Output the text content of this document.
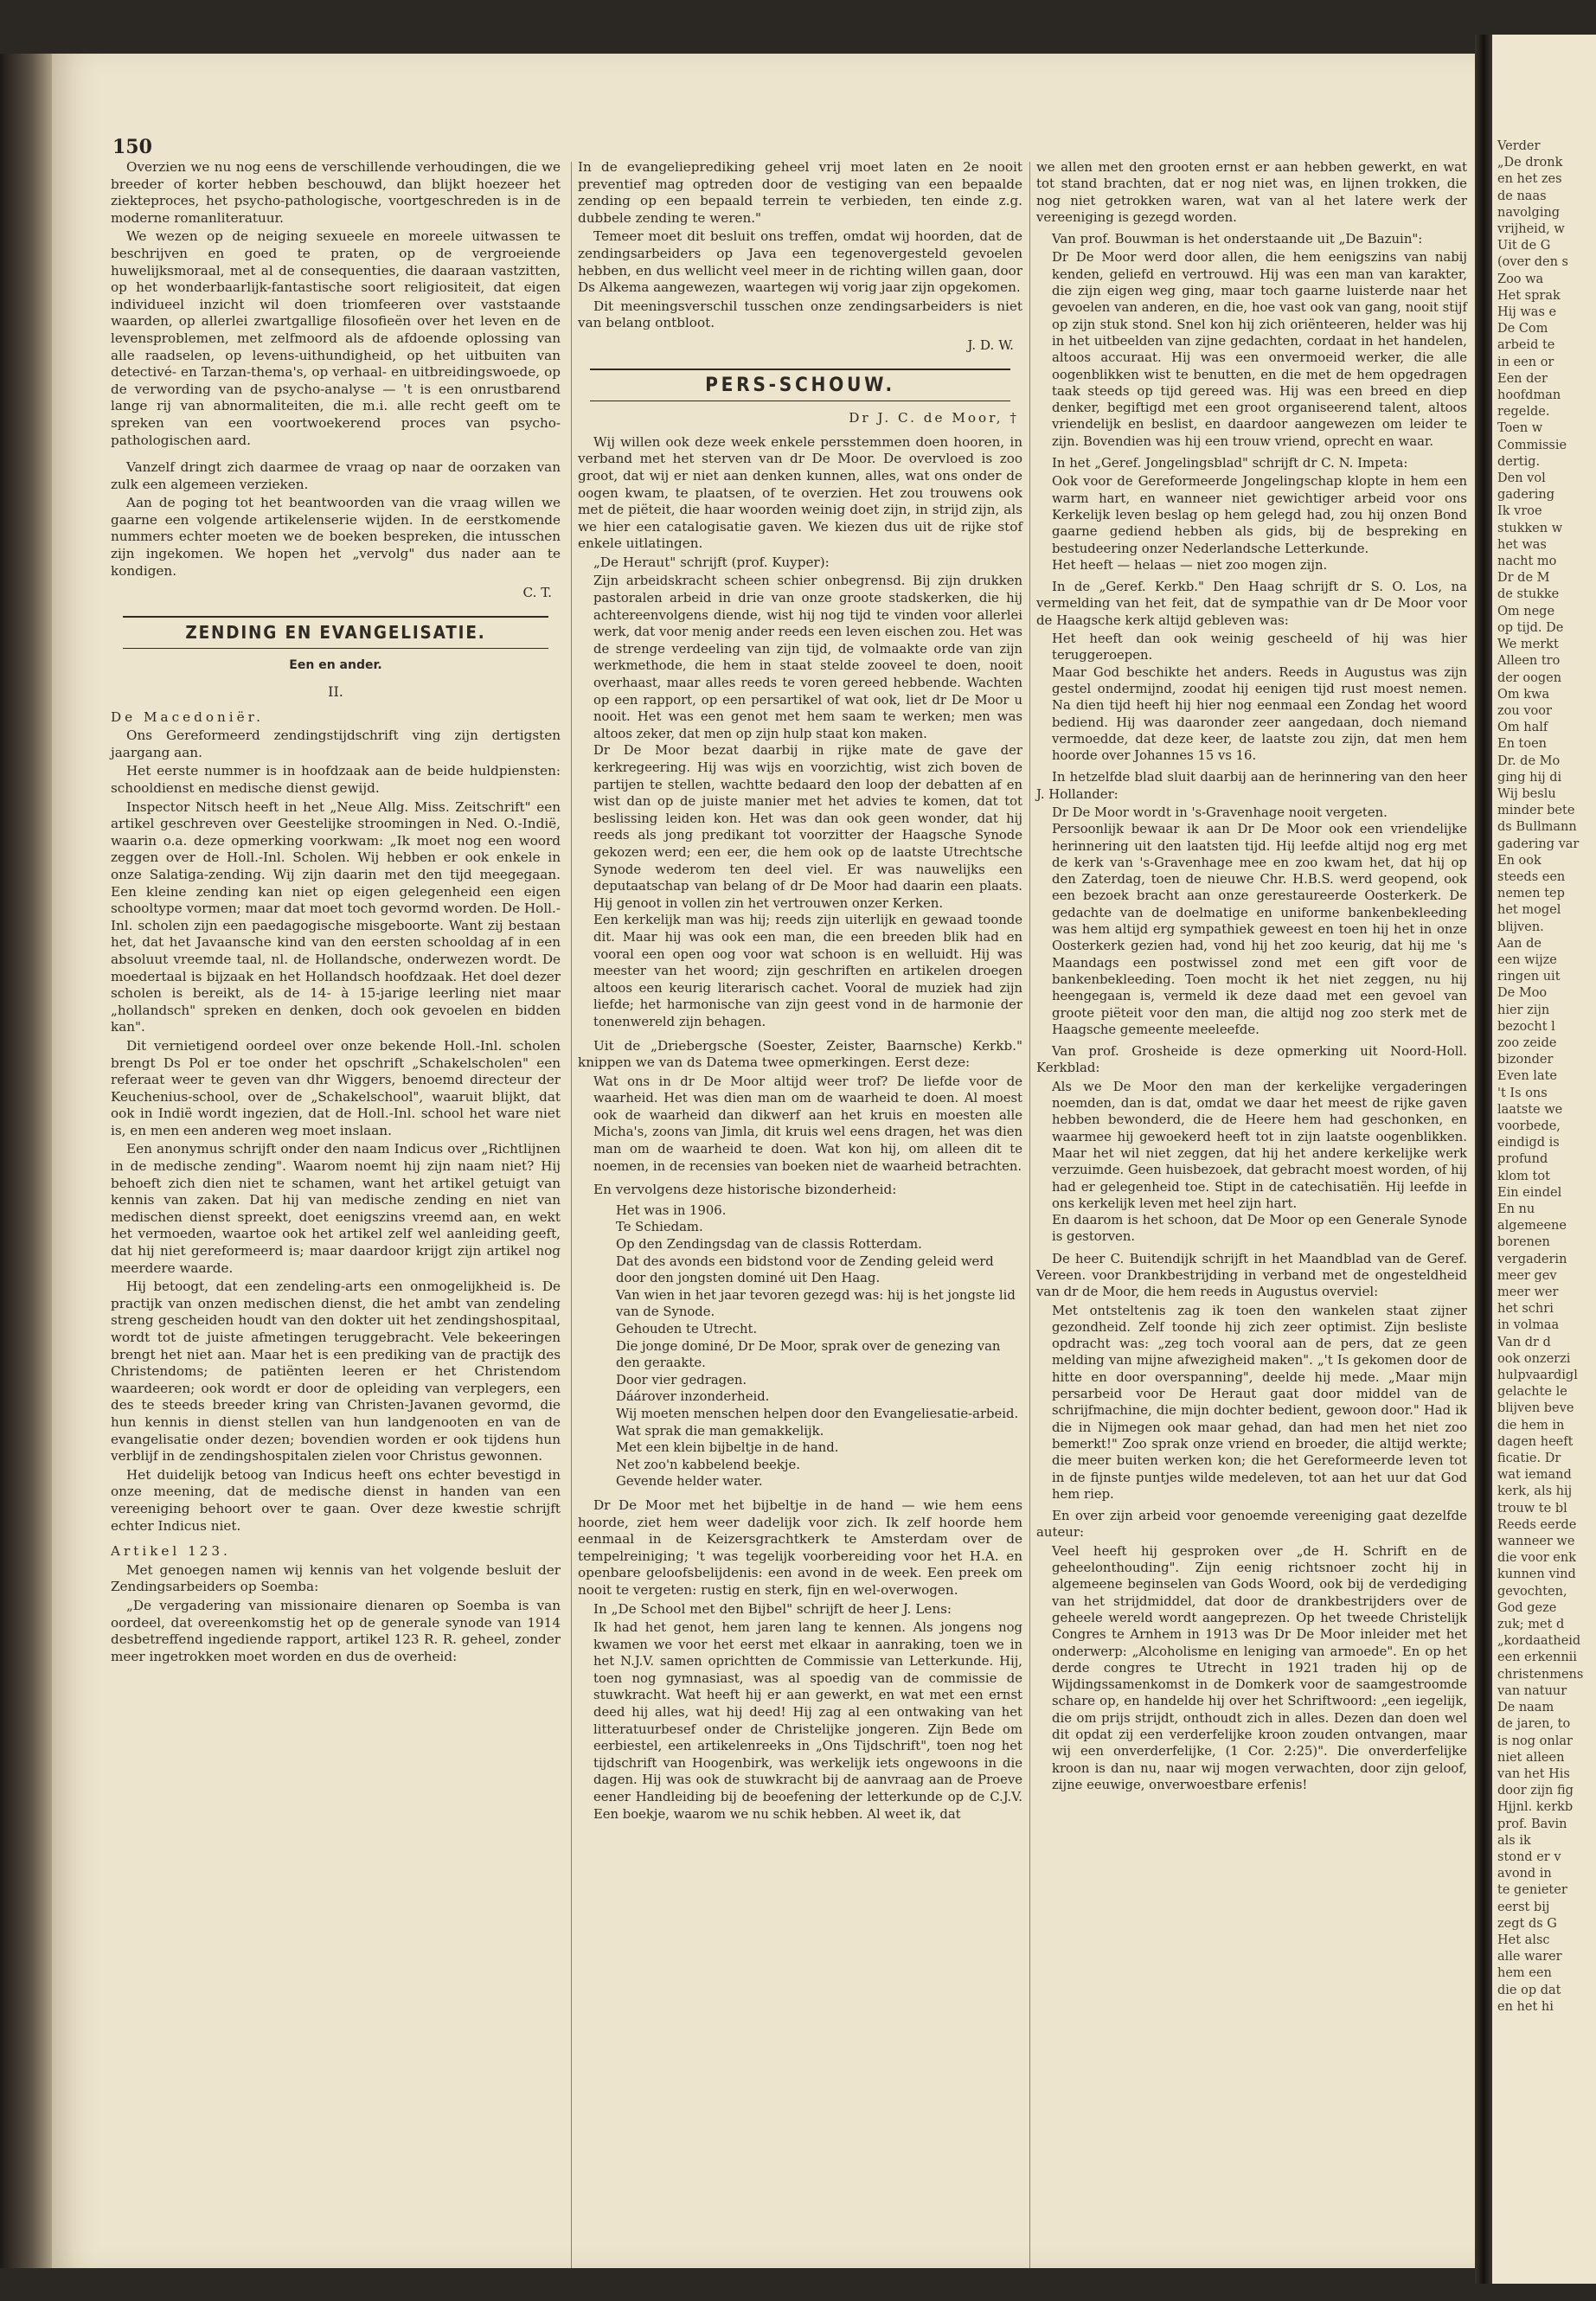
150

Overzien we nu nog eens de verschillende verhoudingen, die we breeder of korter hebben beschouwd, dan blijkt hoezeer het ziekteproces, het psycho-pathologische, voortgeschreden is in de moderne romanliteratuur.

We wezen op de neiging sexueele en moreele uitwassen te beschrijven en goed te praten, op de vergroeiende huwelijksmoraal, met al de consequenties, die daaraan vastzitten, op het wonderbaarlijk-fantastische soort religiositeit, dat eigen individueel inzicht wil doen triomfeeren over vaststaande waarden, op allerlei zwartgallige filosofieën over het leven en de levensproblemen, met zelfmoord als de afdoende oplossing van alle raadselen, op levens-uithundigheid, op het uitbuiten van detectivé- en Tarzan-thema's, op verhaal- en uitbreidingswoede, op de verwording van de psycho-analyse — 't is een onrustbarend lange rij van abnormaliteiten, die m.i. alle recht geeft om te spreken van een voortwoekerend proces van psycho-pathologischen aard.

Vanzelf dringt zich daarmee de vraag op naar de oorzaken van zulk een algemeen verzieken.

Aan de poging tot het beantwoorden van die vraag willen we gaarne een volgende artikelenserie wijden. In de eerstkomende nummers echter moeten we de boeken bespreken, die intusschen zijn ingekomen. We hopen het „vervolg" dus nader aan te kondigen.

C. T.

ZENDING EN EVANGELISATIE.
Een en ander.
II.

De Macedoniër.

Ons Gereformeerd zendingstijdschrift ving zijn dertigsten jaargang aan.

Het eerste nummer is in hoofdzaak aan de beide huldpiensten: schooldienst en medische dienst gewijd.

Inspector Nitsch heeft in het „Neue Allg. Miss. Zeitschrift" een artikel geschreven over Geestelijke stroomingen in Ned. O.-Indië, waarin o.a. deze opmerking voorkwam: „Ik moet nog een woord zeggen over de Holl.-Inl. Scholen. Wij hebben er ook enkele in onze Salatiga-zending. Wij zijn daarin met den tijd meegegaan. Een kleine zending kan niet op eigen gelegenheid een eigen schooltype vormen; maar dat moet toch gevormd worden. De Holl.-Inl. scholen zijn een paedagogische misgeboorte. Want zij bestaan het, dat het Javaansche kind van den eersten schooldag af in een absoluut vreemde taal, nl. de Hollandsche, onderwezen wordt. De moedertaal is bijzaak en het Hollandsch hoofdzaak. Het doel dezer scholen is bereikt, als de 14- à 15-jarige leerling niet maar „hollandsch" spreken en denken, doch ook gevoelen en bidden kan".

Dit vernietigend oordeel over onze bekende Holl.-Inl. scholen brengt Ds Pol er toe onder het opschrift „Schakelscholen" een referaat weer te geven van dhr Wiggers, benoemd directeur der Keuchenius-school, over de „Schakelschool", waaruit blijkt, dat ook in Indië wordt ingezien, dat de Holl.-Inl. school het ware niet is, en men een anderen weg moet inslaan.

Een anonymus schrijft onder den naam Indicus over „Richtlijnen in de medische zending". Waarom noemt hij zijn naam niet? Hij behoeft zich dien niet te schamen, want het artikel getuigt van kennis van zaken. Dat hij van medische zending en niet van medischen dienst spreekt, doet eenigszins vreemd aan, en wekt het vermoeden, waartoe ook het artikel zelf wel aanleiding geeft, dat hij niet gereformeerd is; maar daardoor krijgt zijn artikel nog meerdere waarde.

Hij betoogt, dat een zendeling-arts een onmogelijkheid is. De practijk van onzen medischen dienst, die het ambt van zendeling streng gescheiden houdt van den dokter uit het zendingshospitaal, wordt tot de juiste afmetingen teruggebracht. Vele bekeeringen brengt het niet aan. Maar het is een prediking van de practijk des Christendoms; de patiënten leeren er het Christendom waardeeren; ook wordt er door de opleiding van verplegers, een des te steeds breeder kring van Christen-Javanen gevormd, die hun kennis in dienst stellen van hun landgenooten en van de evangelisatie onder dezen; bovendien worden er ook tijdens hun verblijf in de zendingshospitalen zielen voor Christus gewonnen.

Het duidelijk betoog van Indicus heeft ons echter bevestigd in onze meening, dat de medische dienst in handen van een vereeniging behoort over te gaan. Over deze kwestie schrijft echter Indicus niet.

Artikel 123.

Met genoegen namen wij kennis van het volgende besluit der Zendingsarbeiders op Soemba:

„De vergadering van missionaire dienaren op Soemba is van oordeel, dat overeenkomstig het op de generale synode van 1914 desbetreffend ingediende rapport, artikel 123 R. R. geheel, zonder meer ingetrokken moet worden en dus de overheid:

In de evangelieprediking geheel vrij moet laten en 2e nooit preventief mag optreden door de vestiging van een bepaalde zending op een bepaald terrein te verbieden, ten einde z.g. dubbele zending te weren."

Temeer moet dit besluit ons treffen, omdat wij hoorden, dat de zendingsarbeiders op Java een tegenovergesteld gevoelen hebben, en dus wellicht veel meer in de richting willen gaan, door Ds Alkema aangewezen, waartegen wij vorig jaar zijn opgekomen.

Dit meeningsverschil tusschen onze zendingsarbeiders is niet van belang ontbloot.

J. D. W.

PERS-SCHOUW.
Dr J. C. de Moor, †

Wij willen ook deze week enkele persstemmen doen hooren, in verband met het sterven van dr De Moor. De overvloed is zoo groot, dat wij er niet aan denken kunnen, alles, wat ons onder de oogen kwam, te plaatsen, of te overzien. Het zou trouwens ook met de piëteit, die haar woorden weinig doet zijn, in strijd zijn, als we hier een catalogisatie gaven. We kiezen dus uit de rijke stof enkele uitlatingen.

„De Heraut" schrijft (prof. Kuyper):

Zijn arbeidskracht scheen schier onbegrensd. Bij zijn drukken pastoralen arbeid in drie van onze groote stadskerken, die hij achtereenvolgens diende, wist hij nog tijd te vinden voor allerlei werk, dat voor menig ander reeds een leven eischen zou. Het was de strenge verdeeling van zijn tijd, de volmaakte orde van zijn werkmethode, die hem in staat stelde zooveel te doen, nooit overhaast, maar alles reeds te voren gereed hebbende. Wachten op een rapport, op een persartikel of wat ook, liet dr De Moor u nooit. Het was een genot met hem saam te werken; men was altoos zeker, dat men op zijn hulp staat kon maken.
Dr De Moor bezat daarbij in rijke mate de gave der kerkregeering. Hij was wijs en voorzichtig, wist zich boven de partijen te stellen, wachtte bedaard den loop der debatten af en wist dan op de juiste manier met het advies te komen, dat tot beslissing leiden kon. Het was dan ook geen wonder, dat hij reeds als jong predikant tot voorzitter der Haagsche Synode gekozen werd; een eer, die hem ook op de laatste Utrechtsche Synode wederom ten deel viel. Er was nauwelijks een deputaatschap van belang of dr De Moor had daarin een plaats. Hij genoot in vollen zin het vertrouwen onzer Kerken.
Een kerkelijk man was hij; reeds zijn uiterlijk en gewaad toonde dit. Maar hij was ook een man, die een breeden blik had en vooral een open oog voor wat schoon is en welluidt. Hij was meester van het woord; zijn geschriften en artikelen droegen altoos een keurig literarisch cachet. Vooral de muziek had zijn liefde; het harmonische van zijn geest vond in de harmonie der tonenwereld zijn behagen.

Uit de „Driebergsche (Soester, Zeister, Baarnsche) Kerkb." knippen we van ds Datema twee opmerkingen. Eerst deze:

Wat ons in dr De Moor altijd weer trof? De liefde voor de waarheid. Het was dien man om de waarheid te doen. Al moest ook de waarheid dan dikwerf aan het kruis en moesten alle Micha's, zoons van Jimla, dit kruis wel eens dragen, het was dien man om de waarheid te doen. Wat kon hij, om alleen dit te noemen, in de recensies van boeken niet de waarheid betrachten.

En vervolgens deze historische bizonderheid:

Het was in 1906.

Te Schiedam.

Op den Zendingsdag van de classis Rotterdam.

Dat des avonds een bidstond voor de Zending geleid werd door den jongsten dominé uit Den Haag.

Van wien in het jaar tevoren gezegd was: hij is het jongste lid van de Synode.

Gehouden te Utrecht.

Die jonge dominé, Dr De Moor, sprak over de genezing van den geraakte.

Door vier gedragen.

Dáárover inzonderheid.

Wij moeten menschen helpen door den Evangeliesatie-arbeid.

Wat sprak die man gemakkelijk.

Met een klein bijbeltje in de hand.

Net zoo'n kabbelend beekje.

Gevende helder water.

Dr De Moor met het bijbeltje in de hand — wie hem eens hoorde, ziet hem weer dadelijk voor zich. Ik zelf hoorde hem eenmaal in de Keizersgrachtkerk te Amsterdam over de tempelreiniging; 't was tegelijk voorbereiding voor het H.A. en openbare geloofsbelijdenis: een avond in de week. Een preek om nooit te vergeten: rustig en sterk, fijn en wel-overwogen.

In „De School met den Bijbel" schrijft de heer J. Lens:

Ik had het genot, hem jaren lang te kennen. Als jongens nog kwamen we voor het eerst met elkaar in aanraking, toen we in het N.J.V. samen oprichtten de Commissie van Letterkunde. Hij, toen nog gymnasiast, was al spoedig van de commissie de stuwkracht. Wat heeft hij er aan gewerkt, en wat met een ernst deed hij alles, wat hij deed! Hij zag al een ontwaking van het litteratuurbesef onder de Christelijke jongeren. Zijn Bede om eerbiestel, een artikelenreeks in „Ons Tijdschrift", toen nog het tijdschrift van Hoogenbirk, was werkelijk iets ongewoons in die dagen. Hij was ook de stuwkracht bij de aanvraag aan de Proeve eener Handleiding bij de beoefening der letterkunde op de C.J.V. Een boekje, waarom we nu schik hebben. Al weet ik, dat

we allen met den grooten ernst er aan hebben gewerkt, en wat tot stand brachten, dat er nog niet was, en lijnen trokken, die nog niet getrokken waren, wat van al het latere werk der vereeniging is gezegd worden.

Van prof. Bouwman is het onderstaande uit „De Bazuin":

Dr De Moor werd door allen, die hem eenigszins van nabij kenden, geliefd en vertrouwd. Hij was een man van karakter, die zijn eigen weg ging, maar toch gaarne luisterde naar het gevoelen van anderen, en die, hoe vast ook van gang, nooit stijf op zijn stuk stond. Snel kon hij zich oriënteeren, helder was hij in het uitbeelden van zijne gedachten, cordaat in het handelen, altoos accuraat. Hij was een onvermoeid werker, die alle oogenblikken wist te benutten, en die met de hem opgedragen taak steeds op tijd gereed was. Hij was een breed en diep denker, begiftigd met een groot organiseerend talent, altoos vriendelijk en beslist, en daardoor aangewezen om leider te zijn. Bovendien was hij een trouw vriend, oprecht en waar.

In het „Geref. Jongelingsblad" schrijft dr C. N. Impeta:

Ook voor de Gereformeerde Jongelingschap klopte in hem een warm hart, en wanneer niet gewichtiger arbeid voor ons Kerkelijk leven beslag op hem gelegd had, zou hij onzen Bond gaarne gediend hebben als gids, bij de bespreking en bestudeering onzer Nederlandsche Letterkunde.
Het heeft — helaas — niet zoo mogen zijn.

In de „Geref. Kerkb." Den Haag schrijft dr S. O. Los, na vermelding van het feit, dat de sympathie van dr De Moor voor de Haagsche kerk altijd gebleven was:

Het heeft dan ook weinig gescheeld of hij was hier teruggeroepen.
Maar God beschikte het anders. Reeds in Augustus was zijn gestel ondermijnd, zoodat hij eenigen tijd rust moest nemen. Na dien tijd heeft hij hier nog eenmaal een Zondag het woord bediend. Hij was daaronder zeer aangedaan, doch niemand vermoedde, dat deze keer, de laatste zou zijn, dat men hem hoorde over Johannes 15 vs 16.

In hetzelfde blad sluit daarbij aan de herinnering van den heer J. Hollander:

Dr De Moor wordt in 's-Gravenhage nooit vergeten.
Persoonlijk bewaar ik aan Dr De Moor ook een vriendelijke herinnering uit den laatsten tijd. Hij leefde altijd nog erg met de kerk van 's-Gravenhage mee en zoo kwam het, dat hij op den Zaterdag, toen de nieuwe Chr. H.B.S. werd geopend, ook een bezoek bracht aan onze gerestaureerde Oosterkerk. De gedachte van de doelmatige en uniforme bankenbekleeding was hem altijd erg sympathiek geweest en toen hij het in onze Oosterkerk gezien had, vond hij het zoo keurig, dat hij me 's Maandags een postwissel zond met een gift voor de bankenbekleeding. Toen mocht ik het niet zeggen, nu hij heengegaan is, vermeld ik deze daad met een gevoel van groote piëteit voor den man, die altijd nog zoo sterk met de Haagsche gemeente meeleefde.

Van prof. Grosheide is deze opmerking uit Noord-Holl. Kerkblad:

Als we De Moor den man der kerkelijke vergaderingen noemden, dan is dat, omdat we daar het meest de rijke gaven hebben bewonderd, die de Heere hem had geschonken, en waarmee hij gewoekerd heeft tot in zijn laatste oogenblikken. Maar het wil niet zeggen, dat hij het andere kerkelijke werk verzuimde. Geen huisbezoek, dat gebracht moest worden, of hij had er gelegenheid toe. Stipt in de catechisatiën. Hij leefde in ons kerkelijk leven met heel zijn hart.
En daarom is het schoon, dat De Moor op een Generale Synode is gestorven.

De heer C. Buitendijk schrijft in het Maandblad van de Geref. Vereen. voor Drankbestrijding in verband met de ongesteldheid van dr de Moor, die hem reeds in Augustus overviel:

Met ontsteltenis zag ik toen den wankelen staat zijner gezondheid. Zelf toonde hij zich zeer optimist. Zijn besliste opdracht was: „zeg toch vooral aan de pers, dat ze geen melding van mijne afwezigheid maken". „'t Is gekomen door de hitte en door overspanning", deelde hij mede. „Maar mijn persarbeid voor De Heraut gaat door middel van de schrijfmachine, die mijn dochter bedient, gewoon door." Had ik die in Nijmegen ook maar gehad, dan had men het niet zoo bemerkt!" Zoo sprak onze vriend en broeder, die altijd werkte; die meer buiten werken kon; die het Gereformeerde leven tot in de fijnste puntjes wilde medeleven, tot aan het uur dat God hem riep.

En over zijn arbeid voor genoemde vereeniging gaat dezelfde auteur:

Veel heeft hij gesproken over „de H. Schrift en de geheelonthouding". Zijn eenig richtsnoer zocht hij in algemeene beginselen van Gods Woord, ook bij de verdediging van het strijdmiddel, dat door de drankbestrijders over de geheele wereld wordt aangeprezen. Op het tweede Christelijk Congres te Arnhem in 1913 was Dr De Moor inleider met het onderwerp: „Alcoholisme en leniging van armoede". En op het derde congres te Utrecht in 1921 traden hij op de Wijdingssamenkomst in de Domkerk voor de saamgestroomde schare op, en handelde hij over het Schriftwoord: „een iegelijk, die om prijs strijdt, onthoudt zich in alles. Dezen dan doen wel dit opdat zij een verderfelijke kroon zouden ontvangen, maar wij een onverderfelijke, (1 Cor. 2:25)". Die onverderfelijke kroon is dan nu, naar wij mogen verwachten, door zijn geloof, zijne eeuwige, onverwoestbare erfenis!

Verder

„De dronk

en het zes

de naas

navolging

vrijheid, w

Uit de G

(over den s

Zoo wa

Het sprak

Hij was e

De Com

arbeid te

in een or

Een der

hoofdman

regelde.

Toen w

Commissie

dertig.

Den vol

gadering

Ik vroe

stukken w

het was

nacht mo

Dr de M

de stukke

Om nege

op tijd. De

We merkt

Alleen tro

der oogen

Om kwa

zou voor

Om half

En toen

Dr. de Mo

ging hij di

Wij beslu

minder bete

ds Bullmann

gadering var

En ook

steeds een

nemen tep

het mogel

blijven.

Aan de

een wijze

ringen uit

De Moo

hier zijn

bezocht l

zoo zeide

bizonder

Even late

't Is ons

laatste we

voorbede,

eindigd is

profund

klom tot

Ein eindel

En nu

algemeene

borenen

vergaderin

meer gev

meer wer

het schri

in volmaa

Van dr d

ook onzerzi

hulpvaardigl

gelachte le

blijven beve

die hem in

dagen heeft

ficatie. Dr

wat iemand

kerk, als hij

trouw te bl

Reeds eerde

wanneer we

die voor enk

kunnen vind

gevochten,

God geze

zuk; met d

„kordaatheid

een erkennii

christenmens

van natuur

De naam

de jaren, to

is nog onlar

niet alleen

van het His

door zijn fig

Hjjnl. kerkb

prof. Bavin

als ik

stond er v

avond in

te genieter

eerst bij

zegt ds G

Het alsc

alle warer

hem een

die op dat

en het hi
